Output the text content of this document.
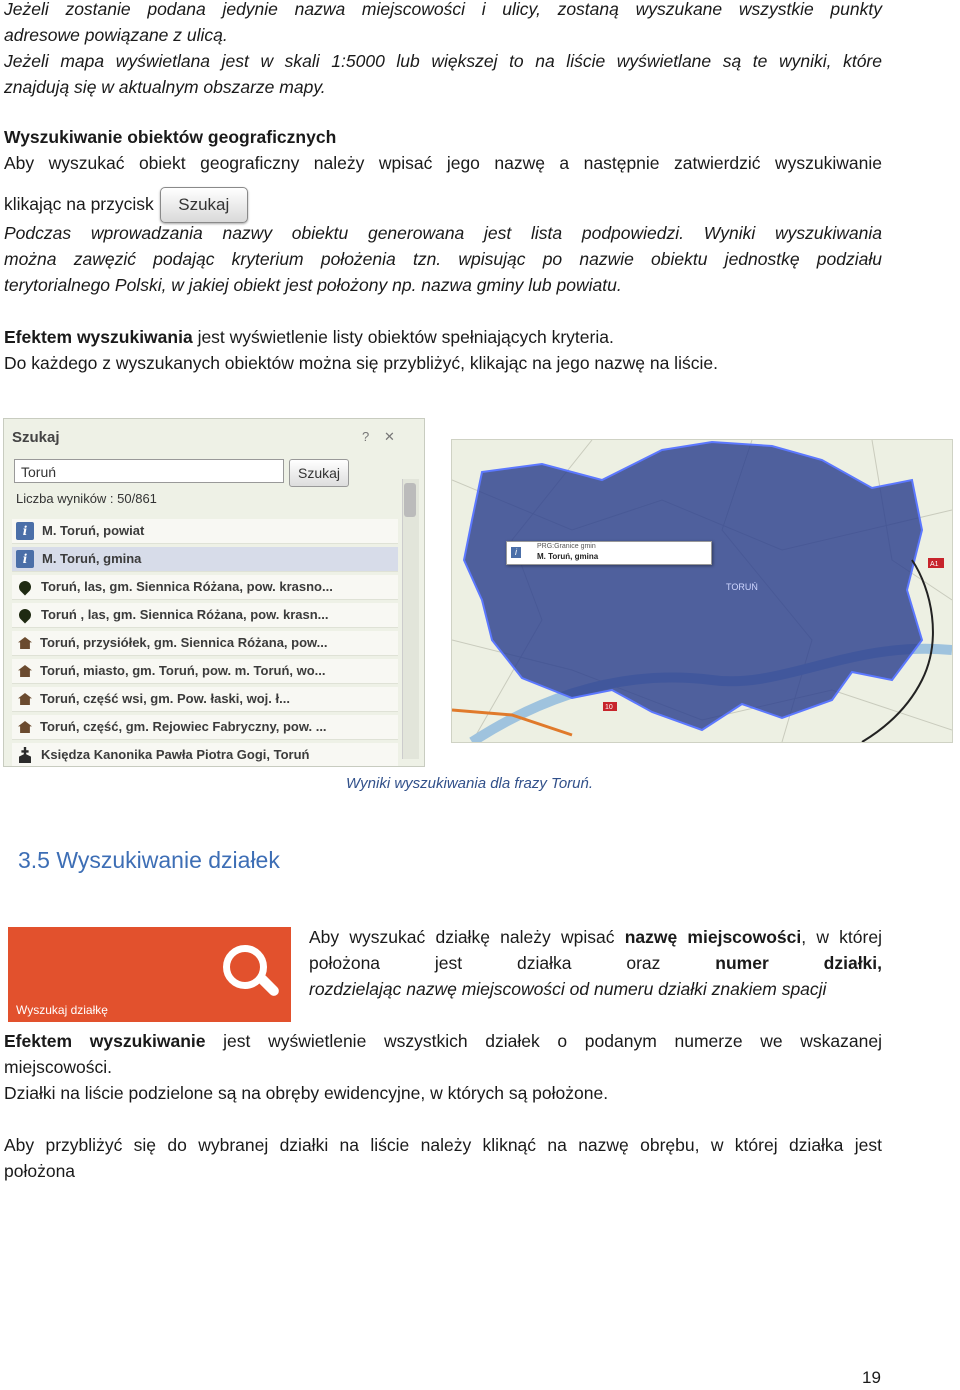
Jeżeli zostanie podana jedynie nazwa miejscowości i ulicy, zostaną wyszukane wszystkie punkty

adresowe powiązane z ulicą.

Jeżeli mapa wyświetlana jest w skali 1:5000 lub większej to na liście wyświetlane są te wyniki, które

znajdują się w aktualnym obszarze mapy.

Wyszukiwanie obiektów geograficznych

Aby wyszukać obiekt geograficzny należy wpisać jego nazwę a następnie zatwierdzić wyszukiwanie

klikając na przycisk Szukaj

Podczas wprowadzania nazwy obiektu generowana jest lista podpowiedzi. Wyniki wyszukiwania

można zawęzić podając kryterium położenia tzn. wpisując po nazwie obiektu jednostkę podziału

terytorialnego Polski, w jakiej obiekt jest położony np. nazwa gminy lub powiatu.

Efektem wyszukiwania jest wyświetlenie listy obiektów spełniających kryteria.

Do każdego z wyszukanych obiektów można się przybliżyć, klikając na jego nazwę na liście.

Szukaj	? ✕
Toruń	Szukaj
Liczba wyników : 50/861
i	M. Toruń, powiat
i	M. Toruń, gmina
Toruń, las, gm. Siennica Różana, pow. krasno...
Toruń , las, gm. Siennica Różana, pow. krasn...
Toruń, przysiółek, gm. Siennica Różana, pow...
Toruń, miasto, gm. Toruń, pow. m. Toruń, wo...
Toruń, część wsi, gm. Pow. łaski, woj. ł...
Toruń, część, gm. Rejowiec Fabryczny, pow. ...
Księdza Kanonika Pawła Piotra Gogi, Toruń
A1
10
TORUŃ
i
PRG:Granice gmin
M. Toruń, gmina
Wyniki wyszukiwania dla frazy Toruń.
3.5 Wyszukiwanie działek
Wyszukaj działkę

Aby wyszukać działkę należy wpisać nazwę miejscowości, w której

położona jest działka oraz numer działki,

rozdzielając nazwę miejscowości od numeru działki znakiem spacji

Efektem wyszukiwanie jest wyświetlenie wszystkich działek o podanym numerze we wskazanej

miejscowości.

Działki na liście podzielone są na obręby ewidencyjne, w których są położone.

Aby przybliżyć się do wybranej działki na liście należy kliknąć na nazwę obrębu, w której działka jest

położona

19
